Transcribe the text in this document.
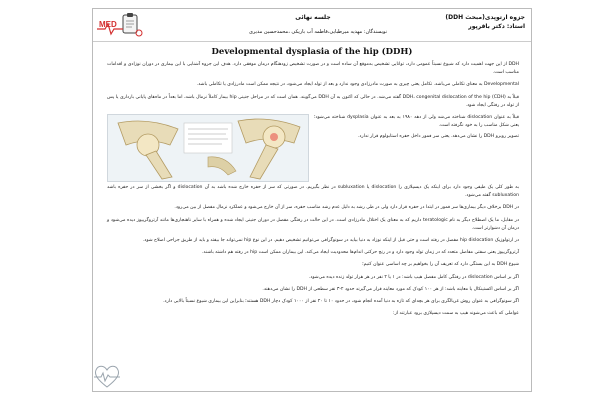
MED
جزوه ارتوپدی(مبحث DDH)
استاد: دکتر باقرپور
جلسه نهائی
نویسندگان: مهدیه میرطبایی،فاطمه آب باریکی ،محمدحسین مدیری
Developmental dysplasia of the hip (DDH)

DDH از این جهت اهمیت دارد که شیوع نسبتاً عمومی دارد، توانایی تشخیص به‌موقع آن ساده است و در صورت تشخیص زودهنگام درمان موفقی دارد. هدف این جزوه آشنایی با این بیماری در دوران نوزادی و اقدامات مناسب است.

Developmental به معنای تکاملی می‌باشد. تکامل یعنی چیزی به صورت مادرزادی وجود ندارد و بعد از تولد ایجاد می‌شود، در نتیجه ممکن است مادرزادی یا تکاملی باشد.

قبلاً به DDH، congenital dislocation of the hip (CDH) گفته می‌شد. در حالی که اکنون به آن DDH می‌گویند. همان است که در مراحل جنینی hip بیمار کاملاً نرمال باشد، اما بعداً در ماه‌های پایانی بارداری یا پس از تولد در رفتگی ایجاد شود.

قبلاً به عنوان dislocation شناخته می‌شد ولی از دهه ۱۹۸۰ به بعد به عنوان dysplasia شناخته می‌شود؛ یعنی شکل مناسب را به خود نگرفته است.

تصویر روبرو DDH را نشان می‌دهد. یعنی سر فمور داخل حفره استابولوم قرار ندارد.

به طور کلی یک طیفی وجود دارد برای اینکه یک دیسپلازی را dislocation یا subluxation در نظر بگیریم. در صورتی که سر از حفره خارج شده باشد به آن dislocation و اگر بخشی از سر در حفره باشد subluxation گفته می‌شود.

در DDH برخلاف دیگر بیماری‌ها سر فمور در ابتدا در حفره قرار دارد ولی در طی رشد به دلیل عدم رشد مناسب حفره، سر از آن خارج می‌شود و عملکرد نرمال مفصل از بین می‌رود.

در مقابل، ما یک اصطلاح دیگر به نام teratologic داریم که به معنای یک اختلال مادرزادی است. در این حالت در رفتگی مفصل در دوران جنینی ایجاد شده و همراه با سایر ناهنجاری‌ها مانند آرتروگریپوز دیده می‌شود و درمان آن دشوارتر است.

در ارتولوزیک hip dislocation مفصل در رفته است و حتی قبل از اینکه نوزاد به دنیا بیاید در سونوگرافی می‌توانیم تشخیص دهیم. در این نوع hip نمی‌تواند جا بیفتد و باید از طریق جراحی اصلاح شود.

آرتروگریپوز یعنی سفتی مفاصل متعدد که در زمان تولد وجود دارد و در رنج حرکتی اندام‌ها محدودیت ایجاد می‌کند. این بیماران ممکن است hip در رفته هم داشته باشند.

شیوع DDH به این بستگی دارد که تعریف آن را بخواهیم بر چه اساسی عنوان کنیم؛

اگر بر اساس dislocation در رفتگی کامل مفصل هیپ باشد: در ۱ یا ۲ نفر در هر هزار تولد زنده دیده می‌شود.

اگر بر اساس اکستینکال یا معاینه باشد: از هر ۱۰۰ کودک که مورد معاینه قرار می‌گیرند حدود ۲-۳ نفر سطحی از DDH را نشان می‌دهند.

اگر سونوگرافی به عنوان روش غربالگری برای هر بچه‌ای که تازه به دنیا آمده انجام شود، در حدود ۱۰ تا ۲۰ نفر از ۱۰۰۰ کودک دچار DDH هستند؛ بنابراین این بیماری شیوع نسبتاً بالایی دارد.

عواملی که باعث می‌شوند هیپ به سمت دیسپلازی برود عبارتند از:
